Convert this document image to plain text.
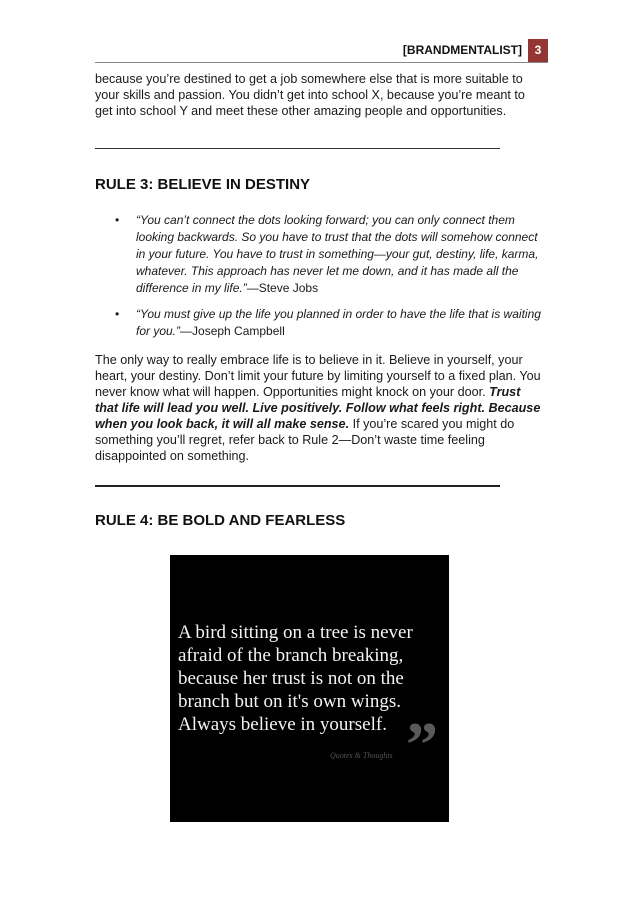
[BRANDMENTALIST]	3

because you’re destined to get a job somewhere else that is more suitable to your skills and passion. You didn’t get into school X, because you’re meant to get into school Y and meet these other amazing people and opportunities.

RULE 3: BELIEVE IN DESTINY
•	“You can’t connect the dots looking forward; you can only connect them looking backwards. So you have to trust that the dots will somehow connect in your future. You have to trust in something—your gut, destiny, life, karma, whatever. This approach has never let me down, and it has made all the difference in my life.”—Steve Jobs
•	“You must give up the life you planned in order to have the life that is waiting for you.”—Joseph Campbell

The only way to really embrace life is to believe in it. Believe in yourself, your heart, your destiny. Don’t limit your future by limiting yourself to a fixed plan. You never know what will happen. Opportunities might knock on your door. Trust that life will lead you well. Live positively. Follow what feels right. Because when you look back, it will all make sense. If you’re scared you might do something you’ll regret, refer back to Rule 2—Don’t waste time feeling disappointed on something.

RULE 4: BE BOLD AND FEARLESS
A bird sitting on a tree is never
afraid of the branch breaking,
because her trust is not on the
branch but on it's own wings.
Always believe in yourself. ”
Quotes & Thoughts
